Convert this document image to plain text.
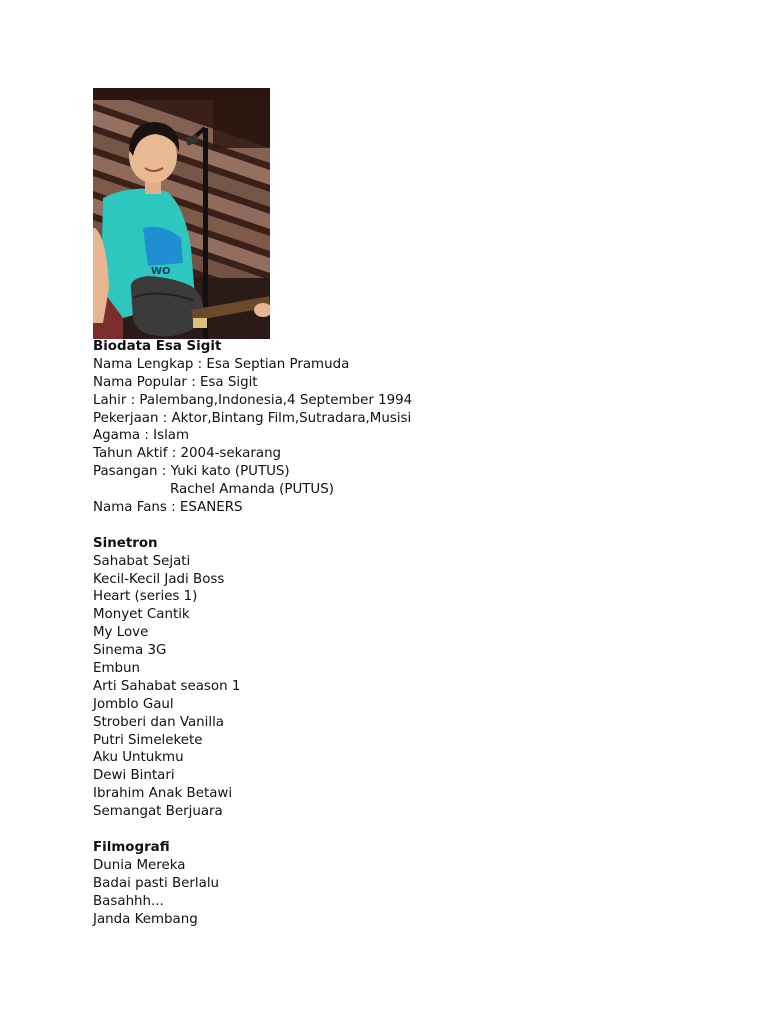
WO
Biodata Esa Sigit
Nama Lengkap : Esa Septian Pramuda
Nama Popular : Esa Sigit
Lahir : Palembang,Indonesia,4 September 1994
Pekerjaan : Aktor,Bintang Film,Sutradara,Musisi
Agama : Islam
Tahun Aktif : 2004-sekarang
Pasangan : Yuki kato (PUTUS)
Rachel Amanda (PUTUS)
Nama Fans : ESANERS
Sinetron
Sahabat Sejati
Kecil-Kecil Jadi Boss
Heart (series 1)
Monyet Cantik
My Love
Sinema 3G
Embun
Arti Sahabat season 1
Jomblo Gaul
Stroberi dan Vanilla
Putri Simelekete
Aku Untukmu
Dewi Bintari
Ibrahim Anak Betawi
Semangat Berjuara
Filmografi
Dunia Mereka
Badai pasti Berlalu
Basahhh...
Janda Kembang
